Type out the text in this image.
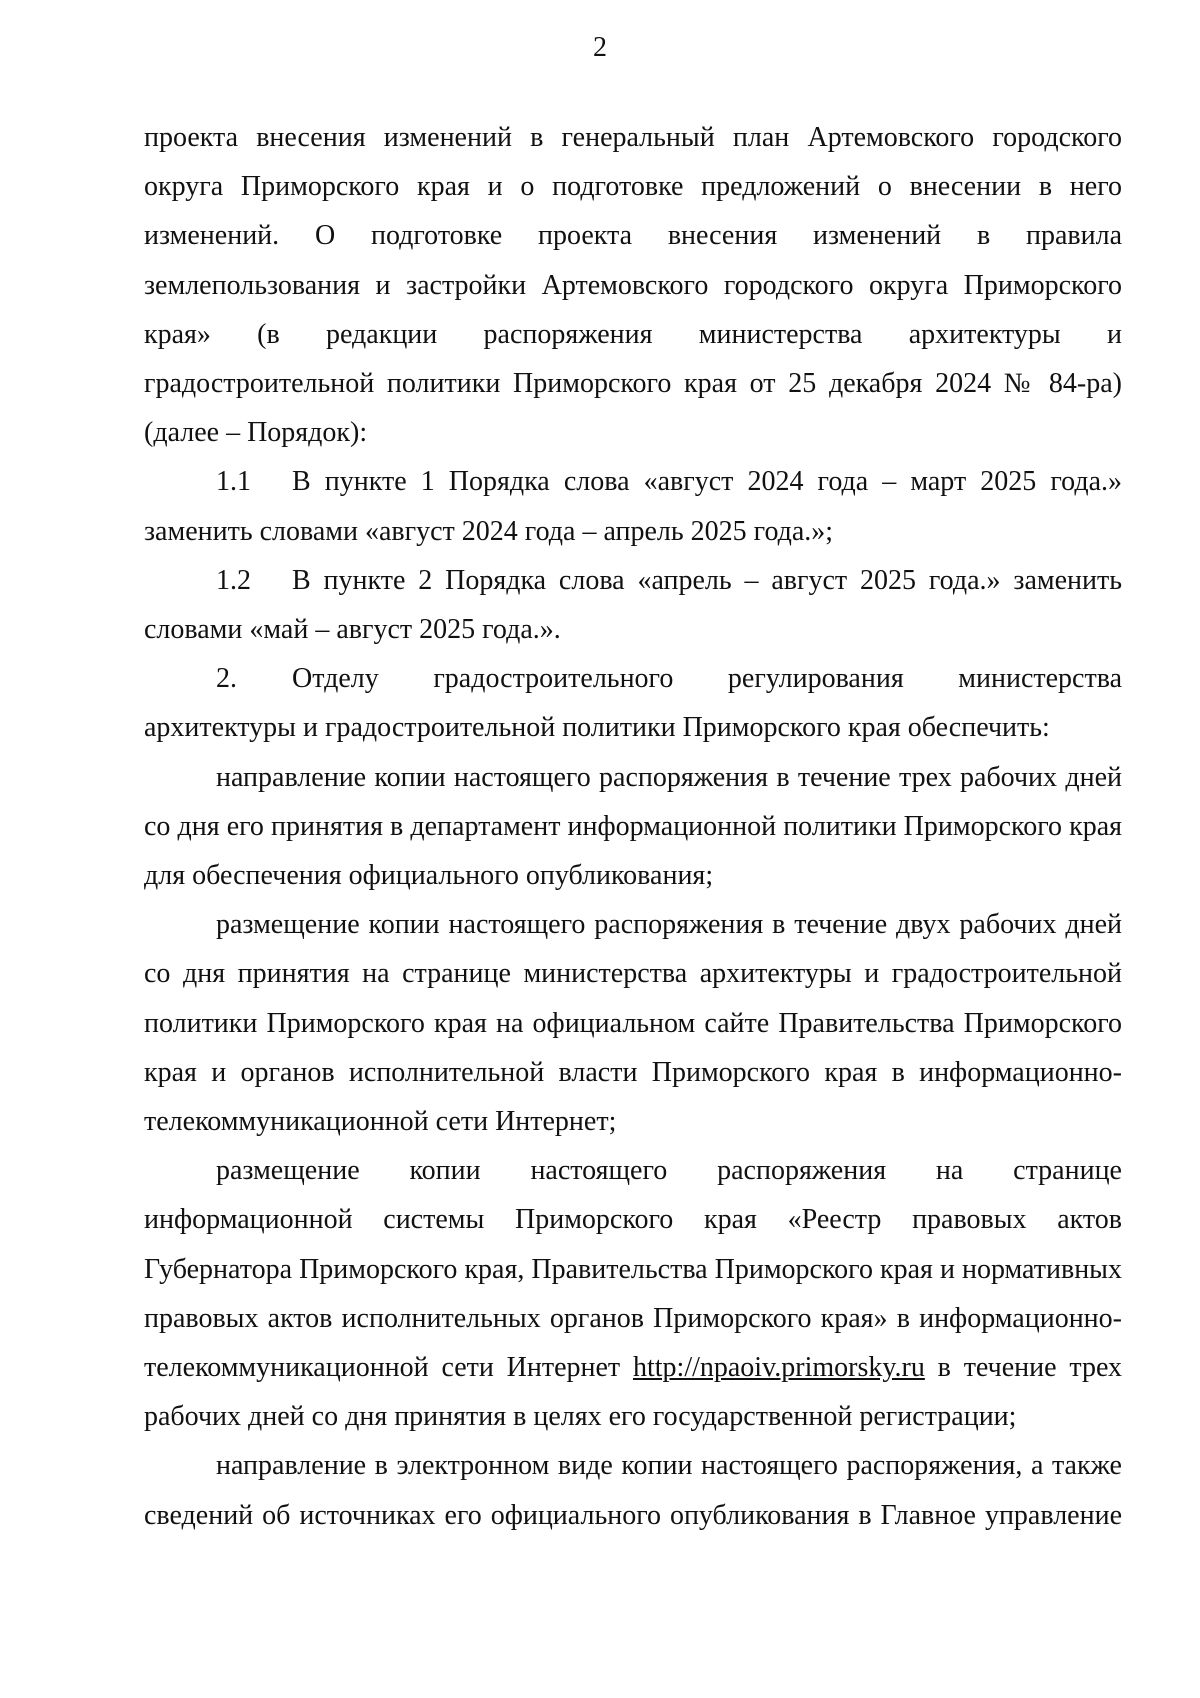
2

проекта внесения изменений в генеральный план Артемовского городского округа Приморского края и о подготовке предложений о внесении в него изменений. О подготовке проекта внесения изменений в правила землепользования и застройки Артемовского городского округа Приморского края» (в редакции распоряжения министерства архитектуры и градостроительной политики Приморского края от 25 декабря 2024 № 84-ра) (далее – Порядок):

1.1 В пункте 1 Порядка слова «август 2024 года – март 2025 года.» заменить словами «август 2024 года – апрель 2025 года.»;

1.2 В пункте 2 Порядка слова «апрель – август 2025 года.» заменить словами «май – август 2025 года.».

2. Отделу градостроительного регулирования министерства архитектуры и градостроительной политики Приморского края обеспечить:

направление копии настоящего распоряжения в течение трех рабочих дней со дня его принятия в департамент информационной политики Приморского края для обеспечения официального опубликования;

размещение копии настоящего распоряжения в течение двух рабочих дней со дня принятия на странице министерства архитектуры и градостроительной политики Приморского края на официальном сайте Правительства Приморского края и органов исполнительной власти Приморского края в информационно-телекоммуникационной сети Интернет;

размещение копии настоящего распоряжения на странице информационной системы Приморского края «Реестр правовых актов Губернатора Приморского края, Правительства Приморского края и нормативных правовых актов исполнительных органов Приморского края» в информационно-телекоммуникационной сети Интернет http://npaoiv.primorsky.ru в течение трех рабочих дней со дня принятия в целях его государственной регистрации;

направление в электронном виде копии настоящего распоряжения, а также сведений об источниках его официального опубликования в Главное управление
